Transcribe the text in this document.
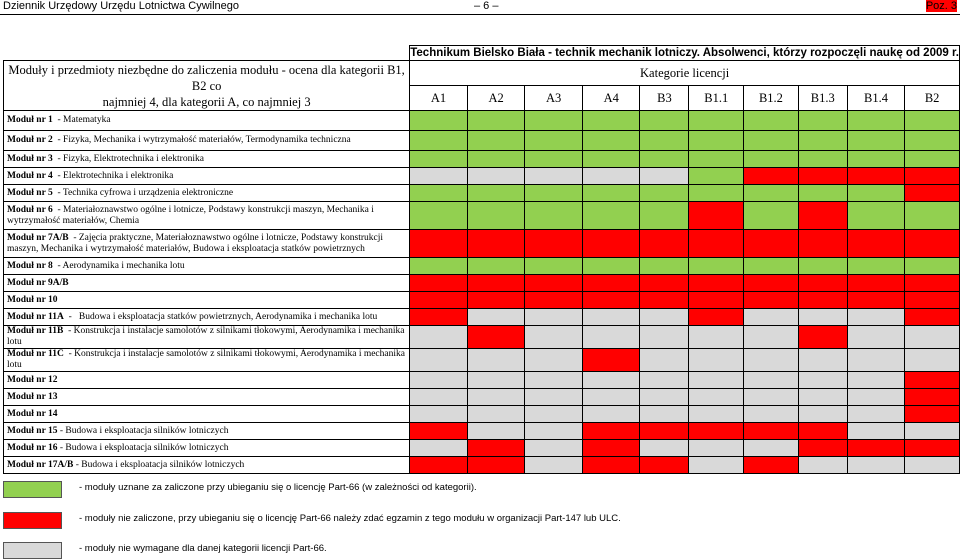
Dziennik Urzędowy Urzędu Lotnictwa Cywilnego	– 6 –	Poz. 3
	Technikum Bielsko Biała - technik mechanik lotniczy. Absolwenci, którzy rozpoczęli naukę od 2009 r.									

Moduły i przedmioty niezbędne do zaliczenia modułu - ocena dla kategorii B1, B2 co
najmniej 4, dla kategorii A, co najmniej 3	Kategorie licencji									
	A1	A2	A3	A4	B3	B1.1	B1.2	B1.3	B1.4	B2
Moduł nr 1  - Matematyka										
Moduł nr 2  - Fizyka, Mechanika i wytrzymałość materiałów, Termodynamika techniczna										
Moduł nr 3  - Fizyka, Elektrotechnika i elektronika										
Moduł nr 4  - Elektrotechnika i elektronika										
Moduł nr 5  - Technika cyfrowa i urządzenia elektroniczne										
Moduł nr 6  - Materiałoznawstwo ogólne i lotnicze, Podstawy konstrukcji maszyn, Mechanika i wytrzymałość materiałów, Chemia										
Moduł nr 7A/B  - Zajęcia praktyczne, Materiałoznawstwo ogólne i lotnicze, Podstawy konstrukcji maszyn, Mechanika i wytrzymałość materiałów, Budowa i eksploatacja statków powietrznych										
Moduł nr 8  - Aerodynamika i mechanika lotu										
Moduł nr 9A/B										
Moduł nr 10										
Moduł nr 11A  -   Budowa i eksploatacja statków powietrznych, Aerodynamika i mechanika lotu										
Moduł nr 11B  - Konstrukcja i instalacje samolotów z silnikami tłokowymi, Aerodynamika i mechanika lotu										
Moduł nr 11C  - Konstrukcja i instalacje samolotów z silnikami tłokowymi, Aerodynamika i mechanika lotu										
Moduł nr 12										
Moduł nr 13										
Moduł nr 14										
Moduł nr 15 - Budowa i eksploatacja silników lotniczych										
Moduł nr 16 - Budowa i eksploatacja silników lotniczych										
Moduł nr 17A/B - Budowa i eksploatacja silników lotniczych										
- moduły uznane za zaliczone przy ubieganiu się o licencję Part-66 (w zależności od kategorii).
- moduły nie zaliczone, przy ubieganiu się o licencję Part-66 należy zdać egzamin z tego modułu w organizacji Part-147 lub ULC.
- moduły nie wymagane dla danej kategorii licencji Part-66.
